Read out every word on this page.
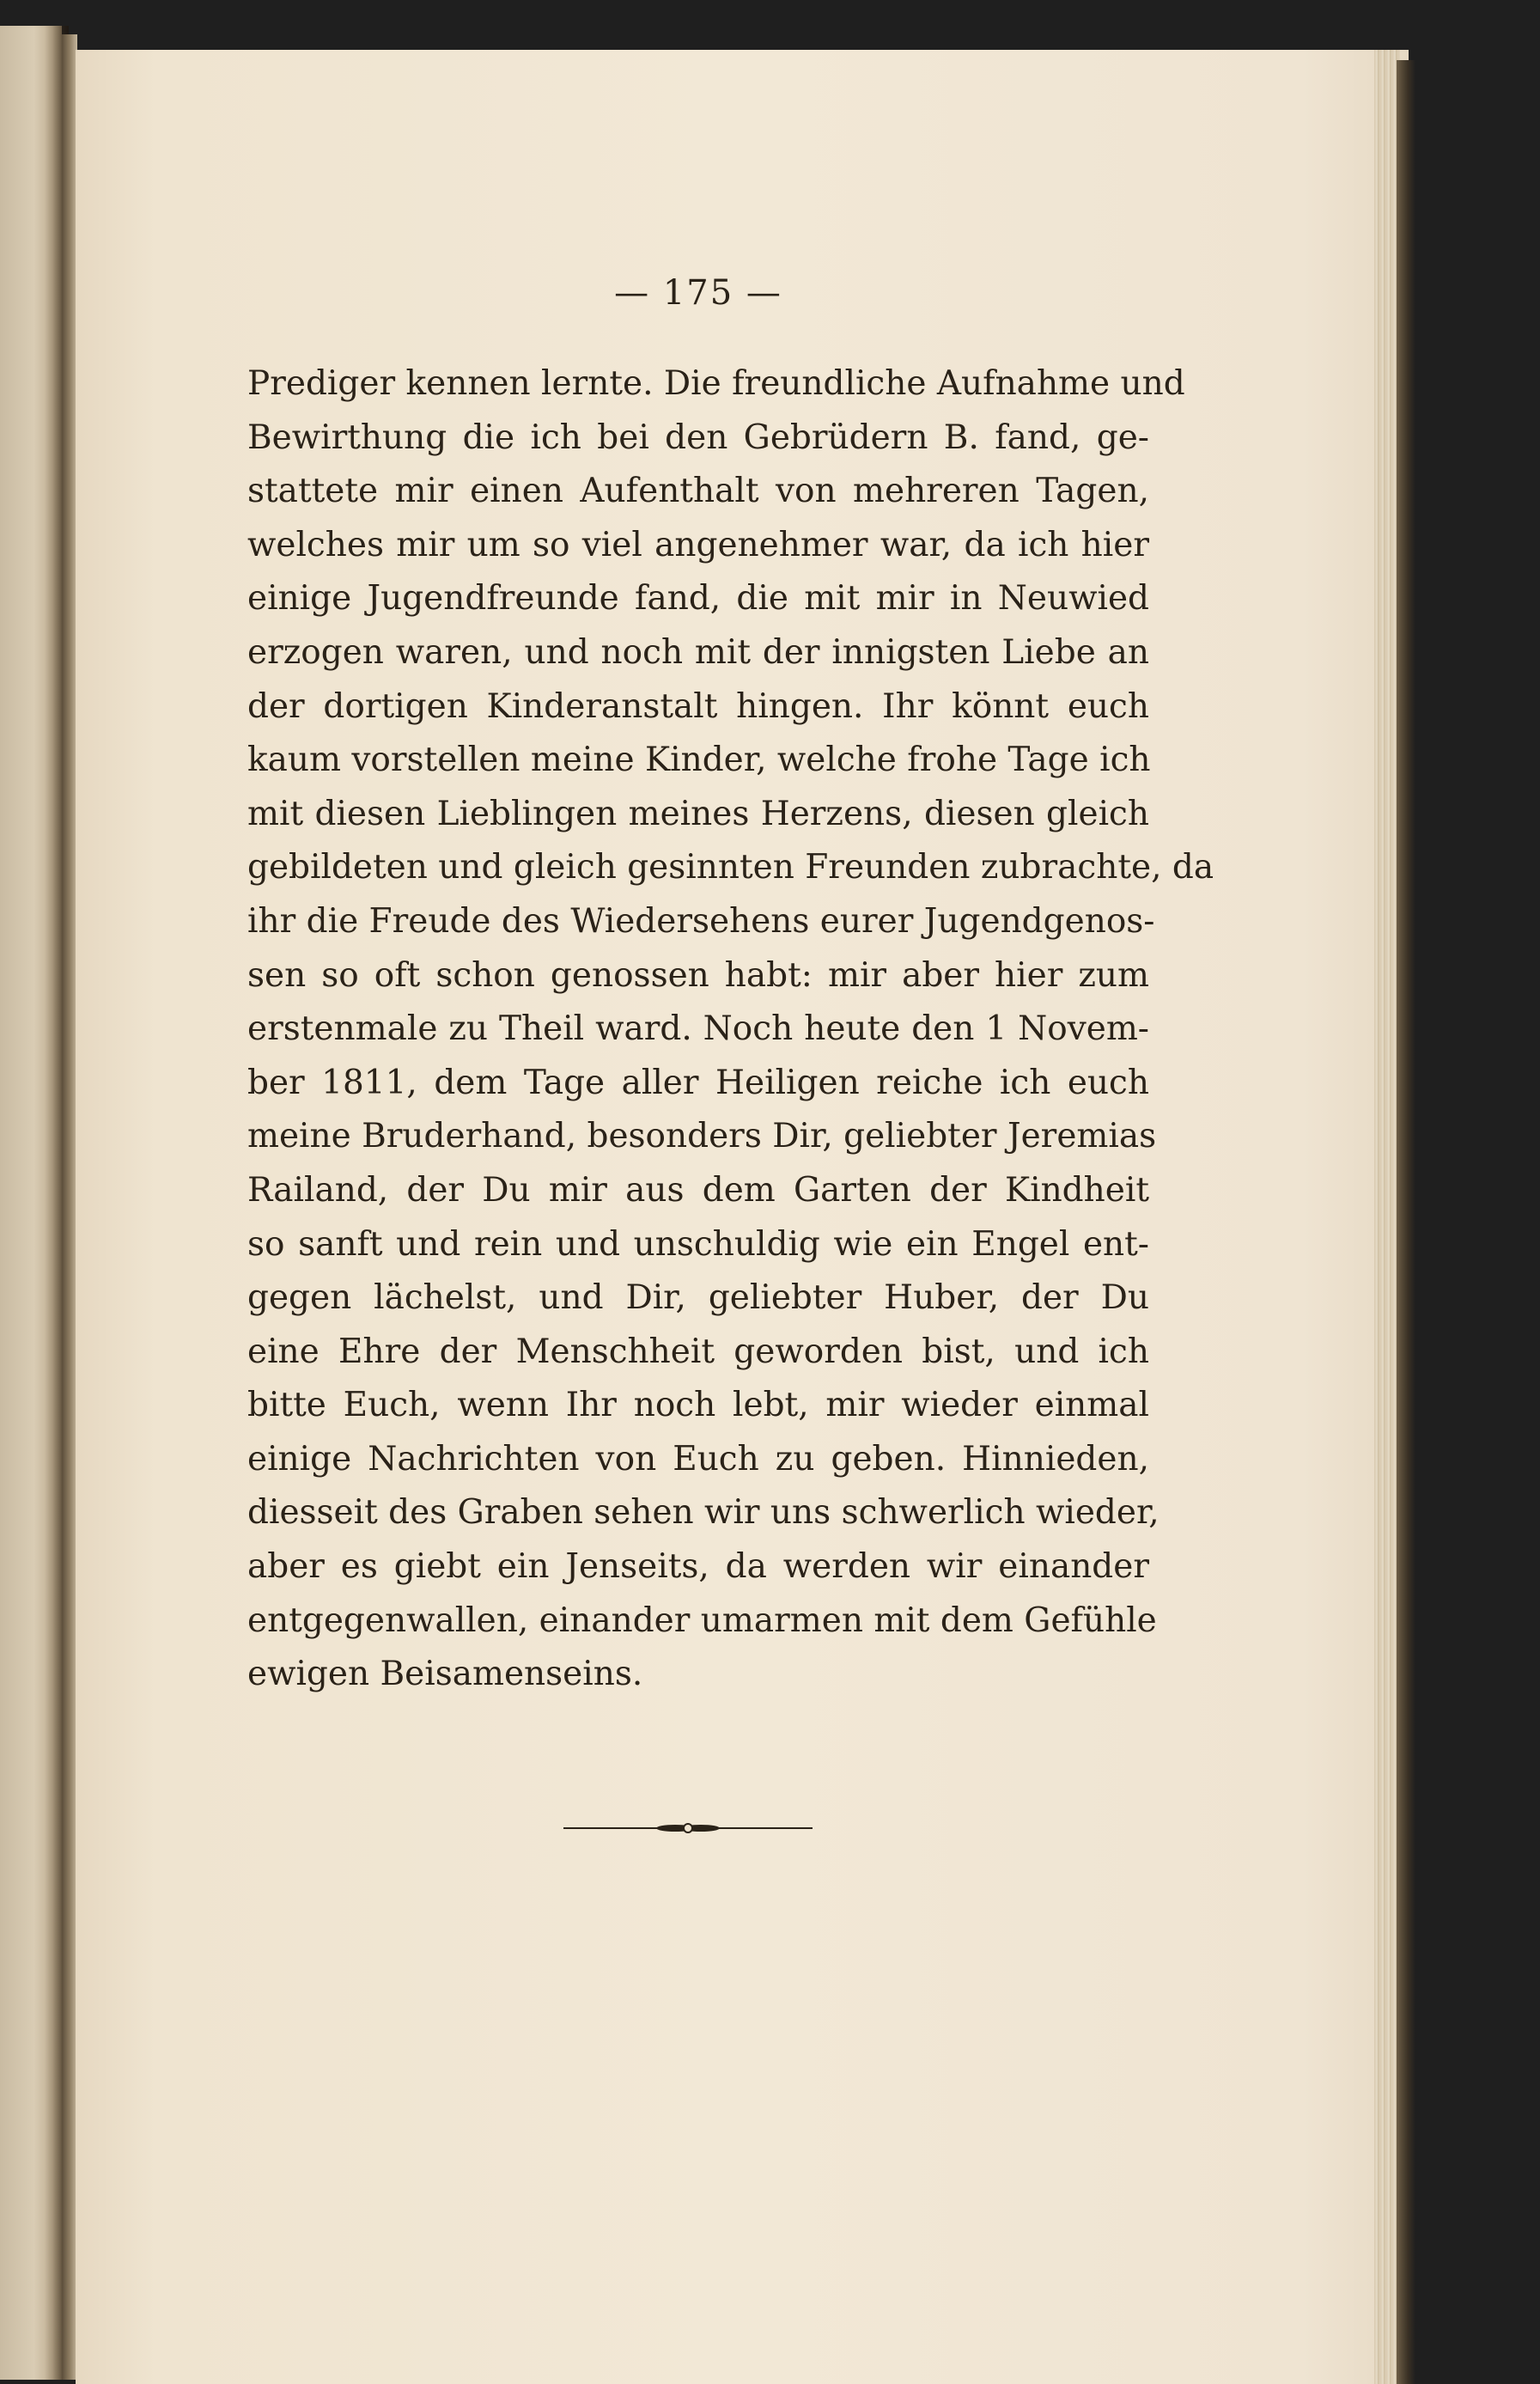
— 175 —
Prediger kennen lernte. Die freundliche Aufnahme und
Bewirthung die ich bei den Gebrüdern B. fand, ge-
stattete mir einen Aufenthalt von mehreren Tagen,
welches mir um so viel angenehmer war, da ich hier
einige Jugendfreunde fand, die mit mir in Neuwied
erzogen waren, und noch mit der innigsten Liebe an
der dortigen Kinderanstalt hingen. Ihr könnt euch
kaum vorstellen meine Kinder, welche frohe Tage ich
mit diesen Lieblingen meines Herzens, diesen gleich
gebildeten und gleich gesinnten Freunden zubrachte, da
ihr die Freude des Wiedersehens eurer Jugendgenos-
sen so oft schon genossen habt: mir aber hier zum
erstenmale zu Theil ward. Noch heute den 1 Novem-
ber 1811, dem Tage aller Heiligen reiche ich euch
meine Bruderhand, besonders Dir, geliebter Jeremias
Railand, der Du mir aus dem Garten der Kindheit
so sanft und rein und unschuldig wie ein Engel ent-
gegen lächelst, und Dir, geliebter Huber, der Du
eine Ehre der Menschheit geworden bist, und ich
bitte Euch, wenn Ihr noch lebt, mir wieder einmal
einige Nachrichten von Euch zu geben. Hinnieden,
diesseit des Graben sehen wir uns schwerlich wieder,
aber es giebt ein Jenseits, da werden wir einander
entgegenwallen, einander umarmen mit dem Gefühle
ewigen Beisamenseins.
